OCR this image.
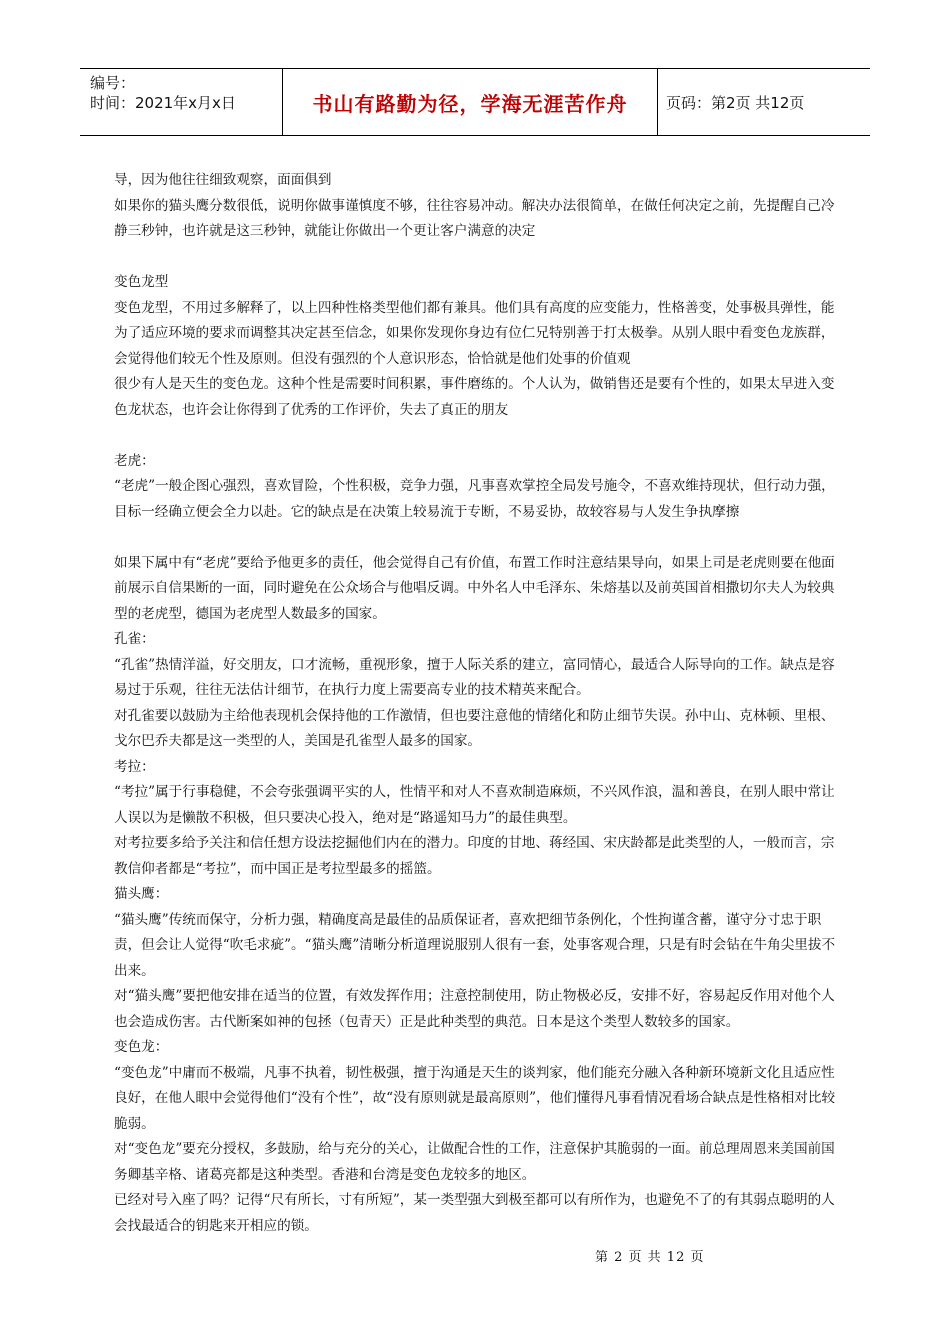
编号：
时间：2021年x月x日	书山有路勤为径，学海无涯苦作舟	页码：第2页 共12页

导，因为他往往细致观察，面面俱到

如果你的猫头鹰分数很低，说明你做事谨慎度不够，往往容易冲动。解决办法很简单，在做任何决定之前，先提醒自己冷静三秒钟，也许就是这三秒钟，就能让你做出一个更让客户满意的决定

变色龙型

变色龙型，不用过多解释了，以上四种性格类型他们都有兼具。他们具有高度的应变能力，性格善变，处事极具弹性，能为了适应环境的要求而调整其决定甚至信念，如果你发现你身边有位仁兄特别善于打太极拳。从别人眼中看变色龙族群，会觉得他们较无个性及原则。但没有强烈的个人意识形态，恰恰就是他们处事的价值观

很少有人是天生的变色龙。这种个性是需要时间积累，事件磨练的。个人认为，做销售还是要有个性的，如果太早进入变色龙状态，也许会让你得到了优秀的工作评价，失去了真正的朋友

老虎：

“老虎”一般企图心强烈，喜欢冒险，个性积极，竞争力强，凡事喜欢掌控全局发号施令，不喜欢维持现状，但行动力强，目标一经确立便会全力以赴。它的缺点是在决策上较易流于专断，不易妥协，故较容易与人发生争执摩擦

如果下属中有“老虎”要给予他更多的责任，他会觉得自己有价值，布置工作时注意结果导向，如果上司是老虎则要在他面前展示自信果断的一面，同时避免在公众场合与他唱反调。中外名人中毛泽东、朱熔基以及前英国首相撒切尔夫人为较典型的老虎型，德国为老虎型人数最多的国家。

孔雀：

“孔雀”热情洋溢，好交朋友，口才流畅，重视形象，擅于人际关系的建立，富同情心，最适合人际导向的工作。缺点是容易过于乐观，往往无法估计细节，在执行力度上需要高专业的技术精英来配合。

对孔雀要以鼓励为主给他表现机会保持他的工作激情，但也要注意他的情绪化和防止细节失误。孙中山、克林顿、里根、戈尔巴乔夫都是这一类型的人，美国是孔雀型人最多的国家。

考拉：

“考拉”属于行事稳健，不会夸张强调平实的人，性情平和对人不喜欢制造麻烦，不兴风作浪，温和善良，在别人眼中常让人误以为是懒散不积极，但只要决心投入，绝对是“路遥知马力”的最佳典型。

对考拉要多给予关注和信任想方设法挖掘他们内在的潜力。印度的甘地、蒋经国、宋庆龄都是此类型的人，一般而言，宗教信仰者都是“考拉”，而中国正是考拉型最多的摇篮。

猫头鹰：

“猫头鹰”传统而保守，分析力强，精确度高是最佳的品质保证者，喜欢把细节条例化，个性拘谨含蓄，谨守分寸忠于职责，但会让人觉得“吹毛求疵”。“猫头鹰”清晰分析道理说服别人很有一套，处事客观合理，只是有时会钻在牛角尖里拔不出来。

对“猫头鹰”要把他安排在适当的位置，有效发挥作用；注意控制使用，防止物极必反，安排不好，容易起反作用对他个人也会造成伤害。古代断案如神的包拯（包青天）正是此种类型的典范。日本是这个类型人数较多的国家。

变色龙：

“变色龙”中庸而不极端，凡事不执着，韧性极强，擅于沟通是天生的谈判家，他们能充分融入各种新环境新文化且适应性良好，在他人眼中会觉得他们“没有个性”，故“没有原则就是最高原则”，他们懂得凡事看情况看场合缺点是性格相对比较脆弱。

对“变色龙”要充分授权，多鼓励，给与充分的关心，让做配合性的工作，注意保护其脆弱的一面。前总理周恩来美国前国务卿基辛格、诸葛亮都是这种类型。香港和台湾是变色龙较多的地区。

已经对号入座了吗？记得“尺有所长，寸有所短”，某一类型强大到极至都可以有所作为，也避免不了的有其弱点聪明的人会找最适合的钥匙来开相应的锁。

第 2 页 共 12 页
